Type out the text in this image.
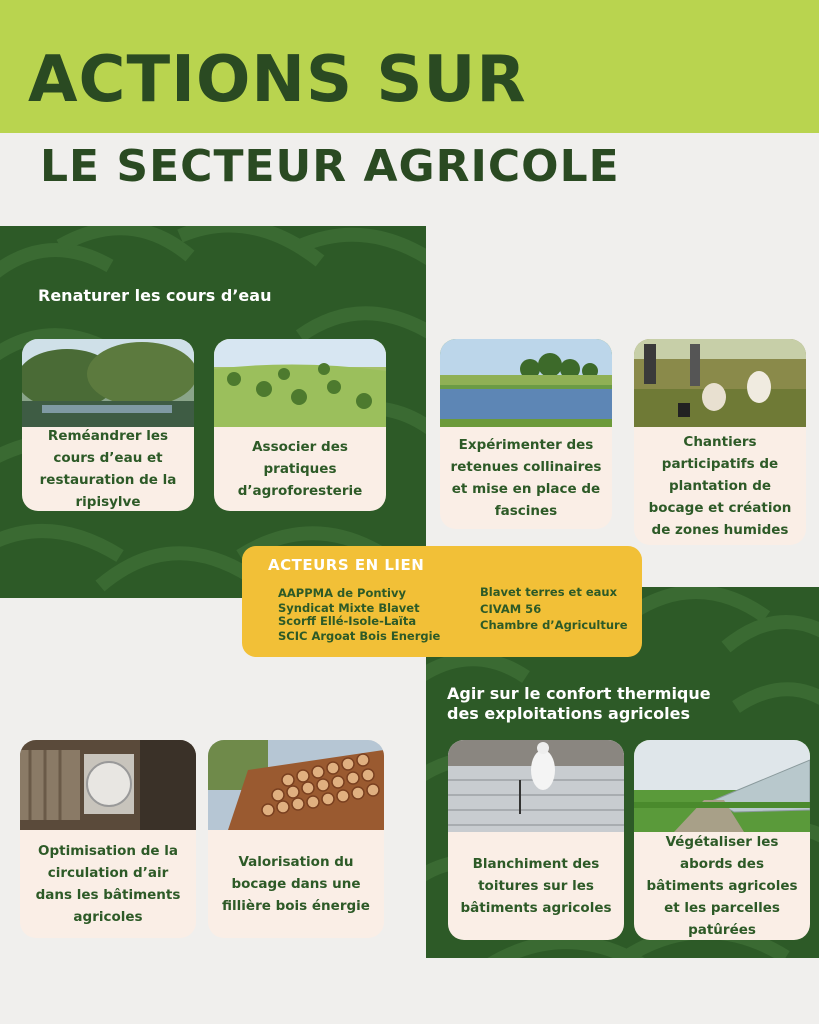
ACTIONS SUR
LE SECTEUR AGRICOLE
Renaturer les cours d’eau
Agir sur le confort thermique
des exploitations agricoles
Reméandrer les cours d’eau et restauration de la ripisylve
Associer des pratiques d’agroforesterie
Expérimenter des retenues collinaires et mise en place de fascines
Chantiers participatifs de plantation de bocage et création de zones humides
ACTEURS EN LIEN
AAPPMA de Pontivy
Syndicat Mixte Blavet
Scorff Ellé-Isole-Laïta
SCIC Argoat Bois Energie
Blavet terres et eaux
CIVAM 56
Chambre d’Agriculture
Optimisation de la circulation d’air dans les bâtiments agricoles
Valorisation du bocage dans une fillière bois énergie
Blanchiment des toitures sur les bâtiments agricoles
Végétaliser les abords des bâtiments agricoles et les parcelles patûrées
